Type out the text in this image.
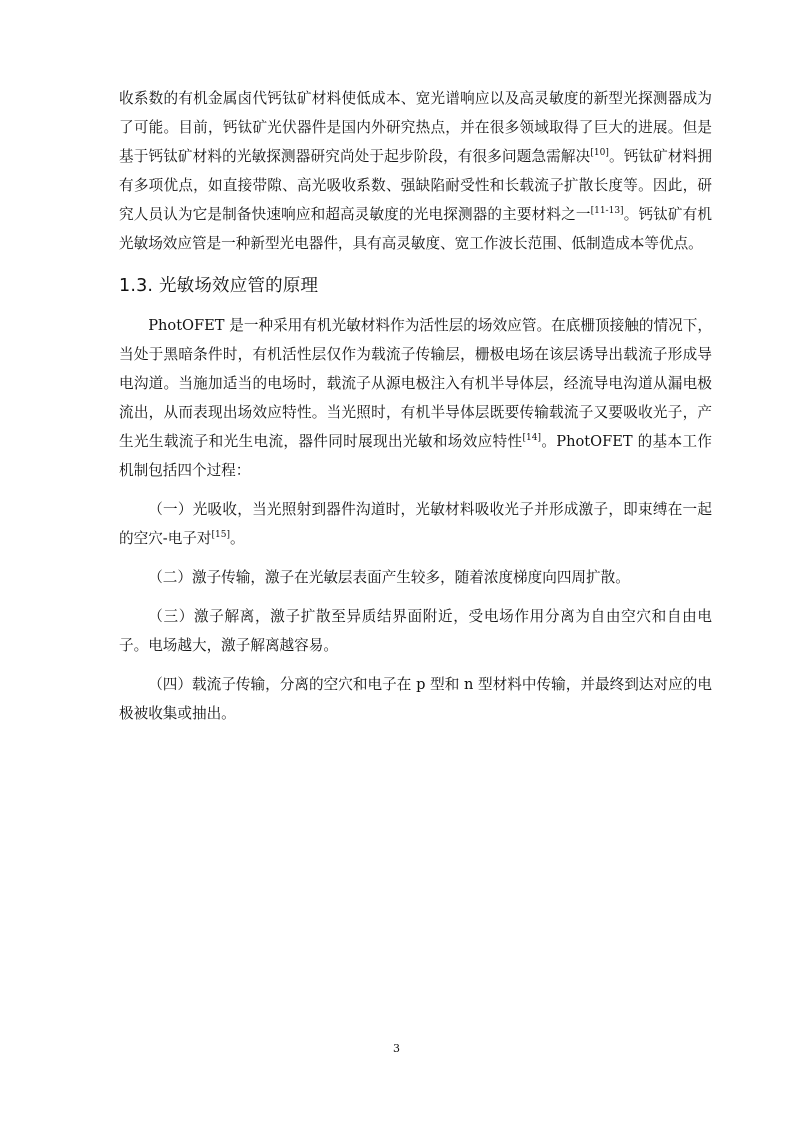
收系数的有机金属卤代钙钛矿材料使低成本、宽光谱响应以及高灵敏度的新型光探测器成为了可能。目前，钙钛矿光伏器件是国内外研究热点，并在很多领域取得了巨大的进展。但是基于钙钛矿材料的光敏探测器研究尚处于起步阶段，有很多问题急需解决[10]。钙钛矿材料拥有多项优点，如直接带隙、高光吸收系数、强缺陷耐受性和长载流子扩散长度等。因此，研究人员认为它是制备快速响应和超高灵敏度的光电探测器的主要材料之一[11-13]。钙钛矿有机光敏场效应管是一种新型光电器件，具有高灵敏度、宽工作波长范围、低制造成本等优点。

1.3. 光敏场效应管的原理

PhotOFET 是一种采用有机光敏材料作为活性层的场效应管。在底栅顶接触的情况下，当处于黑暗条件时，有机活性层仅作为载流子传输层，栅极电场在该层诱导出载流子形成导电沟道。当施加适当的电场时，载流子从源电极注入有机半导体层，经流导电沟道从漏电极流出，从而表现出场效应特性。当光照时，有机半导体层既要传输载流子又要吸收光子，产生光生载流子和光生电流，器件同时展现出光敏和场效应特性[14]。PhotOFET 的基本工作机制包括四个过程：

（一）光吸收，当光照射到器件沟道时，光敏材料吸收光子并形成激子，即束缚在一起的空穴-电子对[15]。

（二）激子传输，激子在光敏层表面产生较多，随着浓度梯度向四周扩散。

（三）激子解离，激子扩散至异质结界面附近，受电场作用分离为自由空穴和自由电子。电场越大，激子解离越容易。

（四）载流子传输，分离的空穴和电子在 p 型和 n 型材料中传输，并最终到达对应的电极被收集或抽出。

3
